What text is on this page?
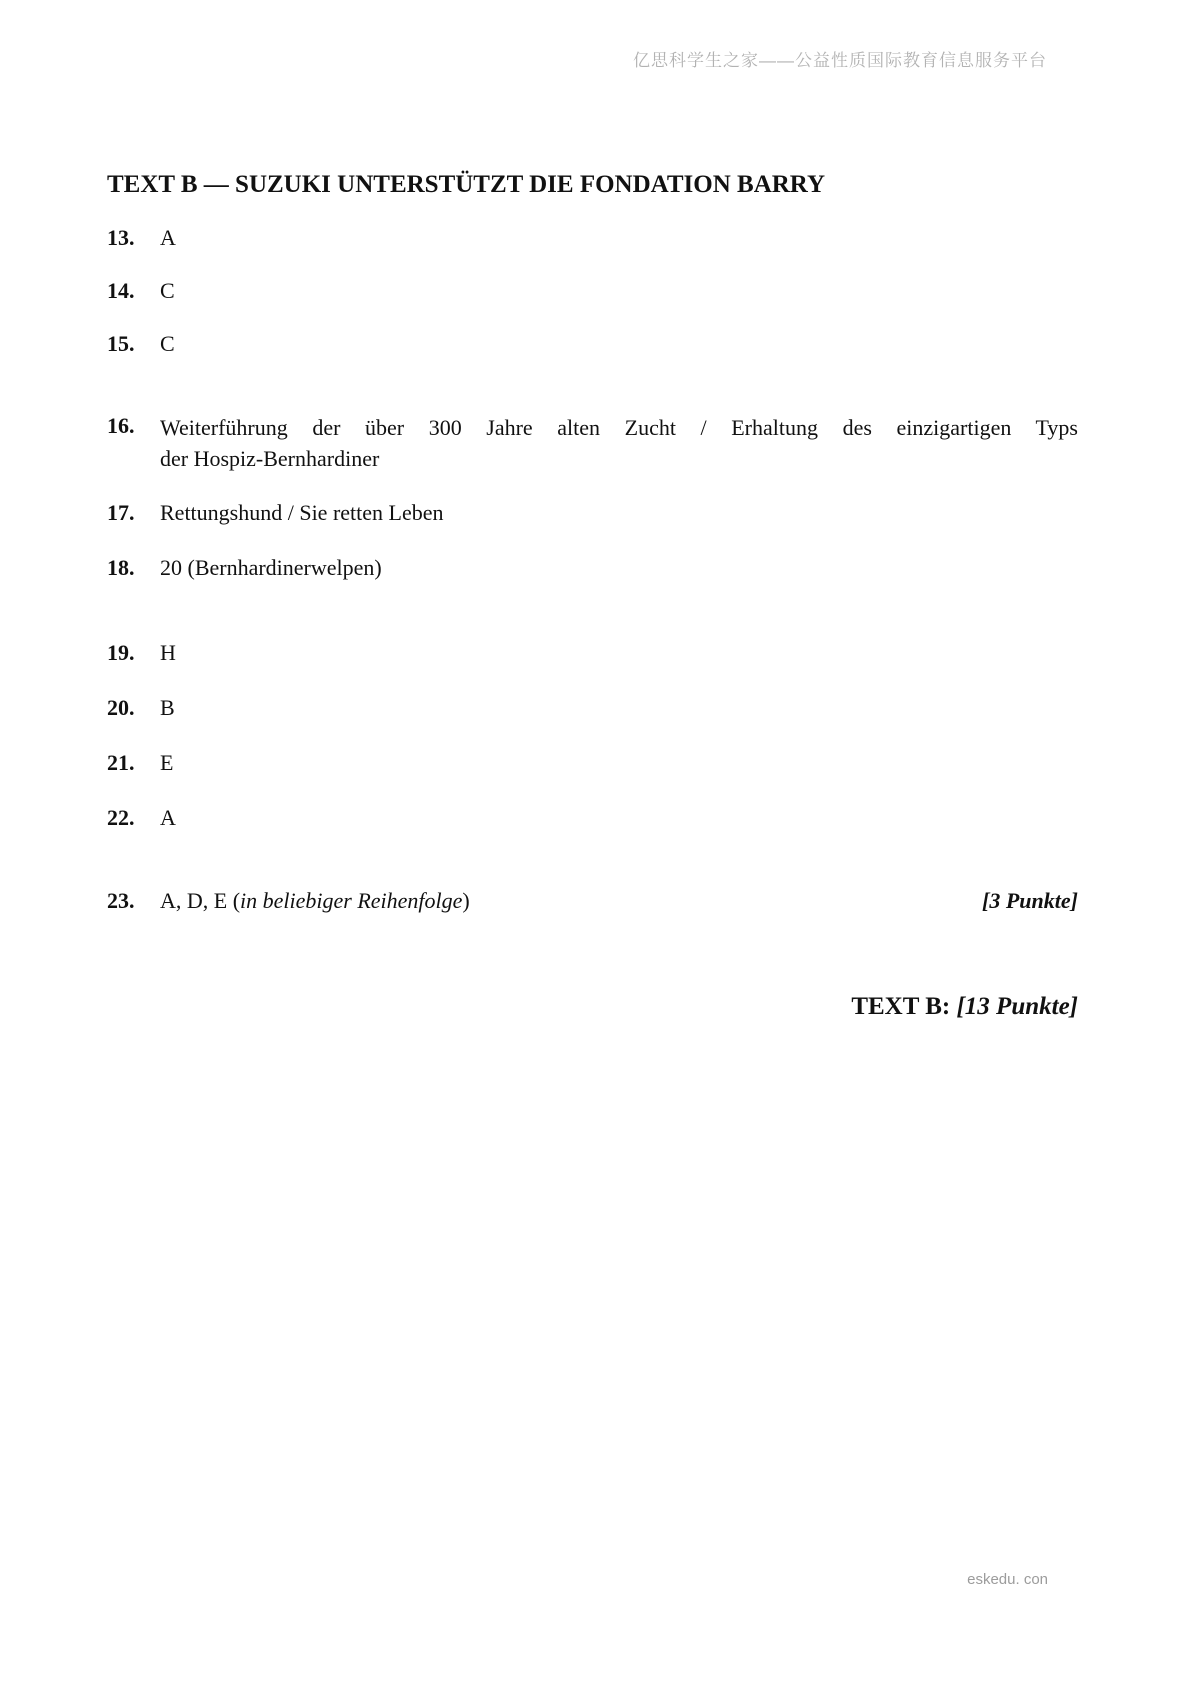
亿思科学生之家——公益性质国际教育信息服务平台
TEXT B — SUZUKI UNTERSTÜTZT DIE FONDATION BARRY
13.	A
14.	C
15.	C
16.	Weiterführung der über 300 Jahre alten Zucht / Erhaltung des einzigartigen Typs
der Hospiz-Bernhardiner
17.	Rettungshund / Sie retten Leben
18.	20 (Bernhardinerwelpen)
19.	H
20.	B
21.	E
22.	A
23.	A, D, E (in beliebiger Reihenfolge)	[3 Punkte]
TEXT B: [13 Punkte]
eskedu. con
